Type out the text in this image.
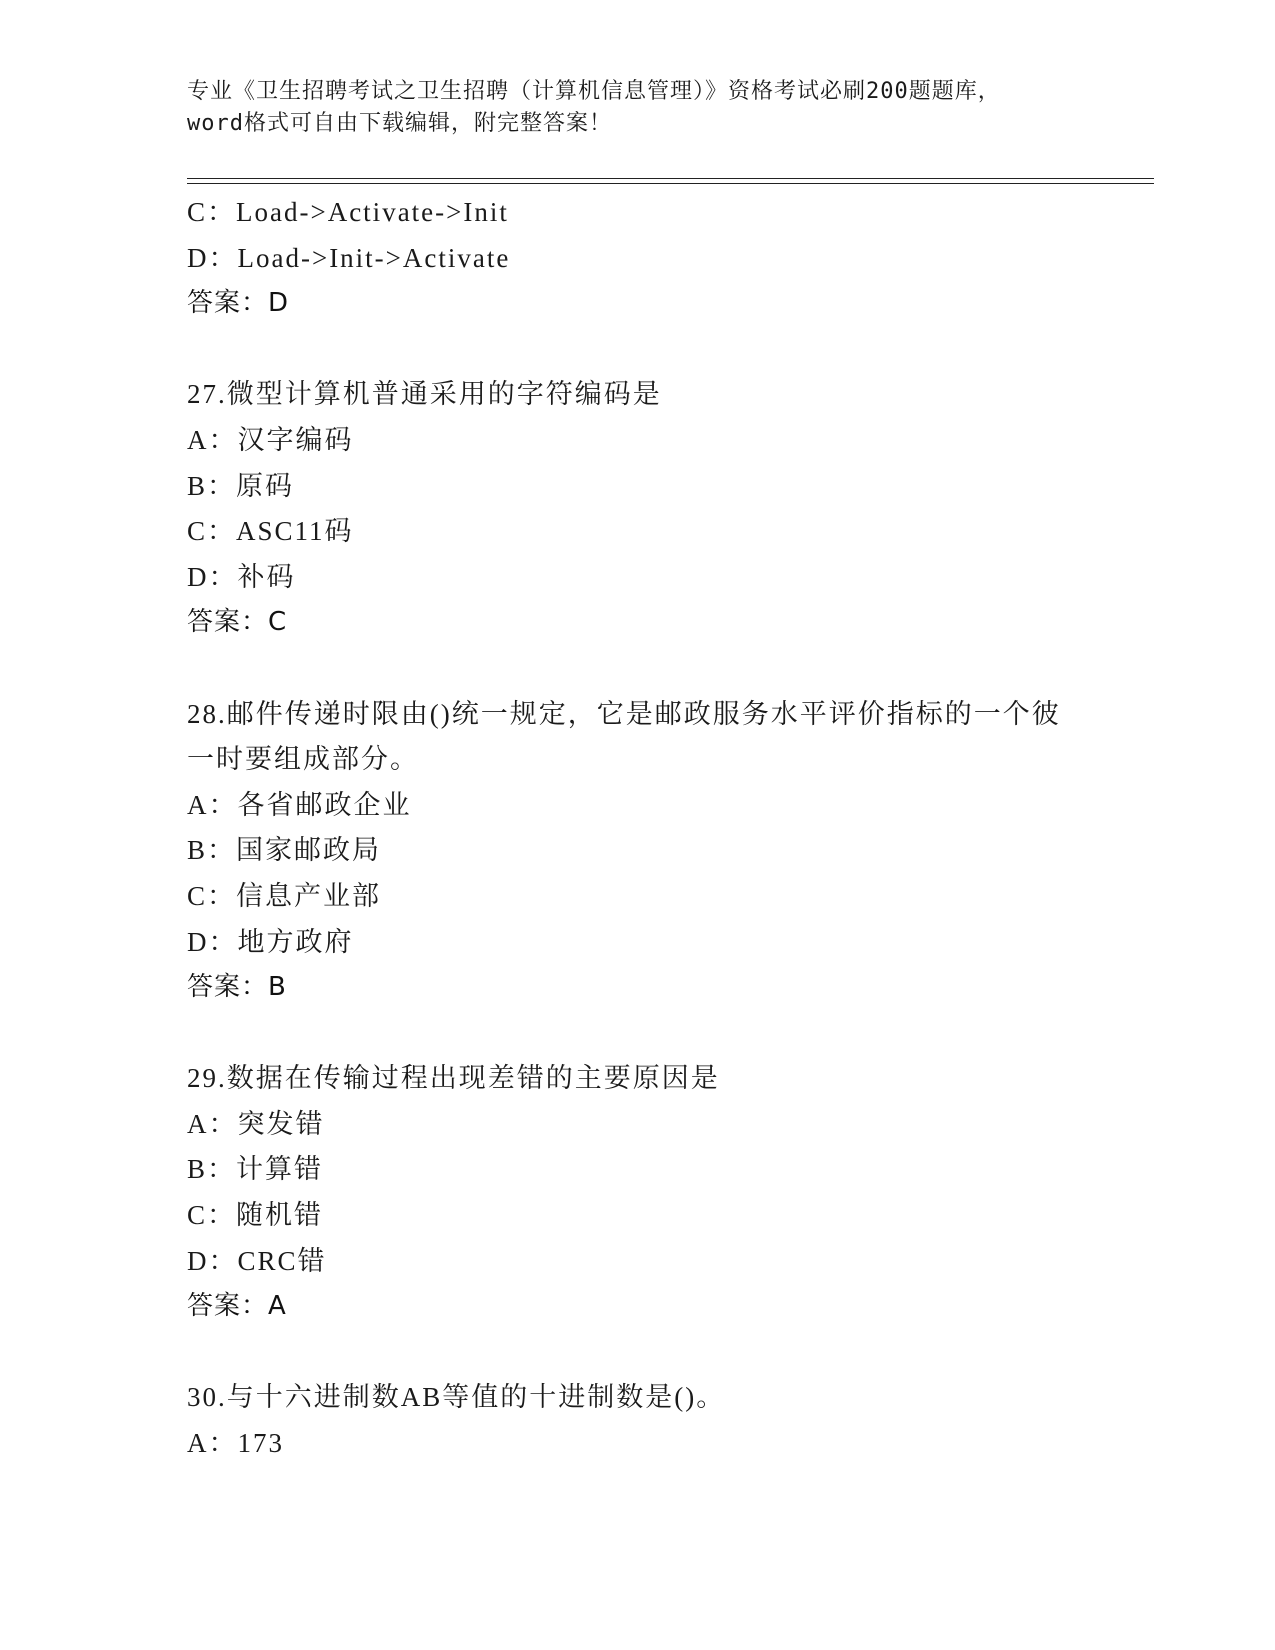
专业《卫生招聘考试之卫生招聘（计算机信息管理）》资格考试必刷200题题库，
word格式可自由下载编辑，附完整答案！
C：Load->Activate->Init
D：Load->Init->Activate
答案：D
27.微型计算机普通采用的字符编码是
A：汉字编码
B：原码
C：ASC11码
D：补码
答案：C
28.邮件传递时限由()统一规定，它是邮政服务水平评价指标的一个彼
一时要组成部分。
A：各省邮政企业
B：国家邮政局
C：信息产业部
D：地方政府
答案：B
29.数据在传输过程出现差错的主要原因是
A：突发错
B：计算错
C：随机错
D：CRC错
答案：A
30.与十六进制数AB等值的十进制数是()。
A：173
